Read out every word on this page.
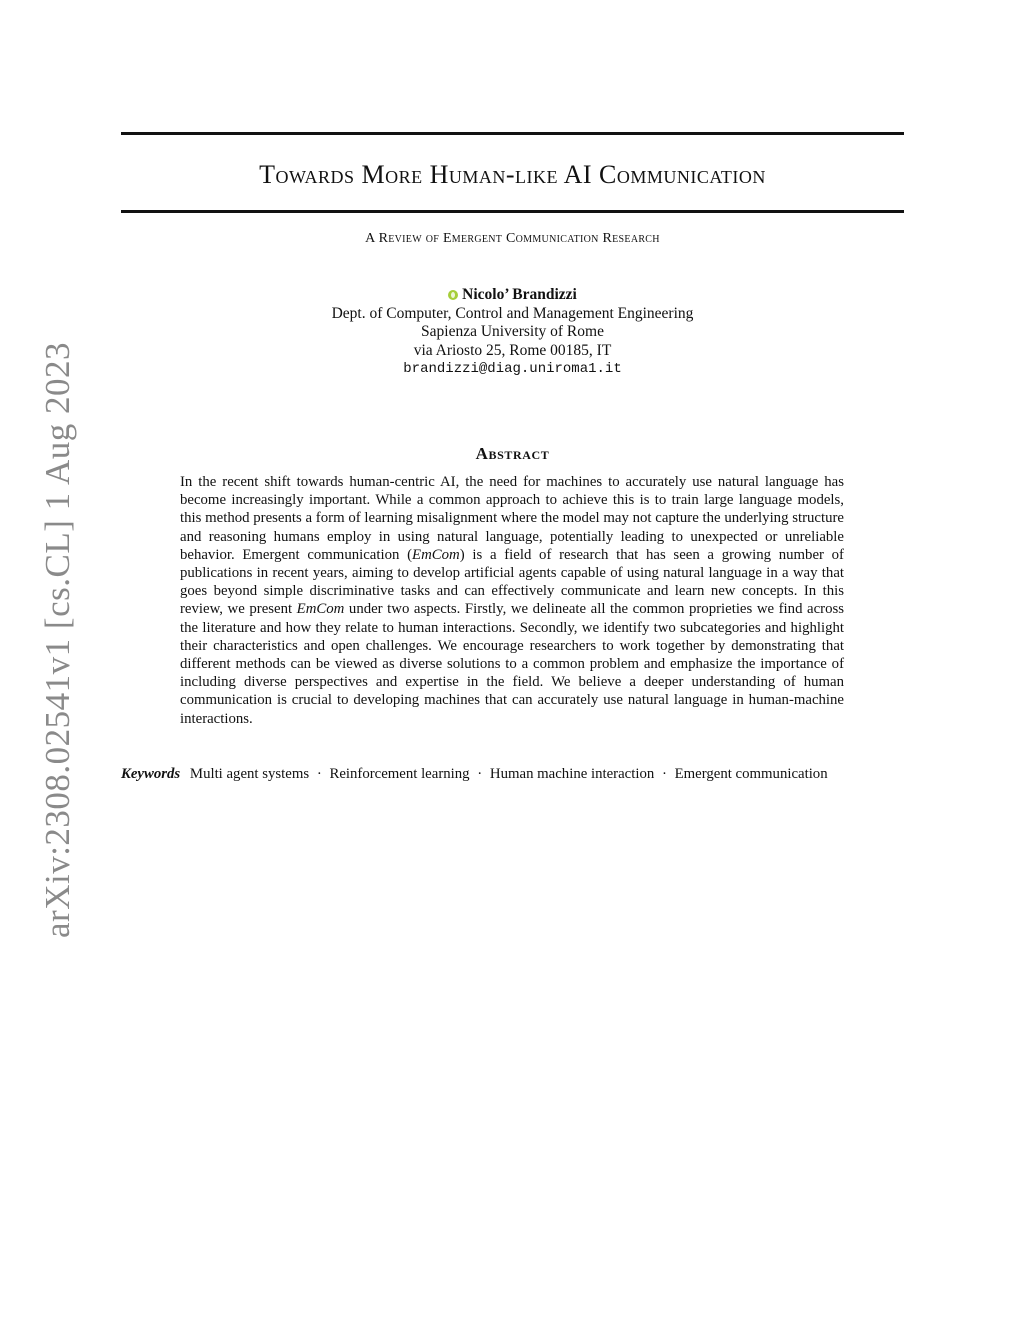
Towards More Human-like AI Communication
A Review of Emergent Communication Research
Nicolo’ Brandizzi
Dept. of Computer, Control and Management Engineering
Sapienza University of Rome
via Ariosto 25, Rome 00185, IT
brandizzi@diag.uniroma1.it
arXiv:2308.02541v1 [cs.CL] 1 Aug 2023	Abstract
In the recent shift towards human-centric AI, the need for machines to accurately use natural language has become increasingly important. While a common approach to achieve this is to train large language models, this method presents a form of learning misalignment where the model may not capture the underlying structure and reasoning humans employ in using natural language, potentially leading to unexpected or unreliable behavior. Emergent communication (EmCom) is a field of research that has seen a growing number of publications in recent years, aiming to develop artificial agents capable of using natural language in a way that goes beyond simple discriminative tasks and can effectively communicate and learn new concepts. In this review, we present EmCom under two aspects. Firstly, we delineate all the common proprieties we find across the literature and how they relate to human interactions. Secondly, we identify two subcategories and highlight their characteristics and open challenges. We encourage researchers to work together by demonstrating that different methods can be viewed as diverse solutions to a common problem and emphasize the importance of including diverse perspectives and expertise in the field. We believe a deeper understanding of human communication is crucial to developing machines that can accurately use natural language in human-machine interactions.
Keywords Multi agent systems · Reinforcement learning · Human machine interaction · Emergent communication
